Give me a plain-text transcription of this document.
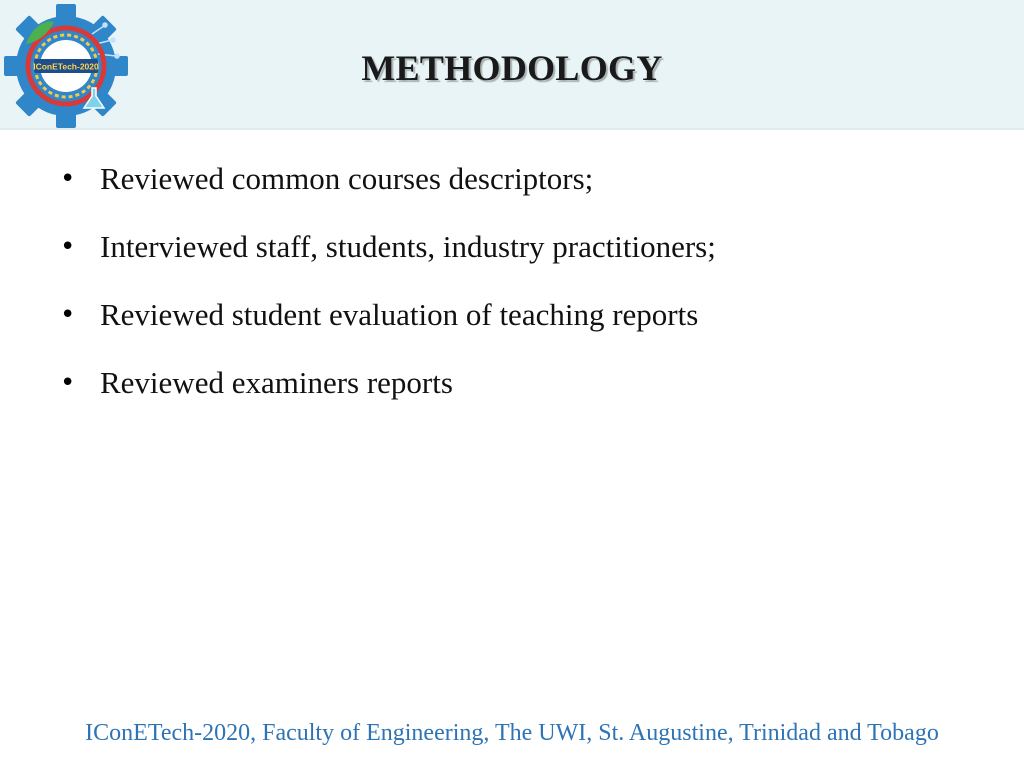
IConETech-2020	METHODOLOGY
• Reviewed common courses descriptors;
• Interviewed staff, students, industry practitioners;
• Reviewed student evaluation of teaching reports
• Reviewed examiners reports
IConETech-2020, Faculty of Engineering, The UWI, St. Augustine, Trinidad and Tobago
